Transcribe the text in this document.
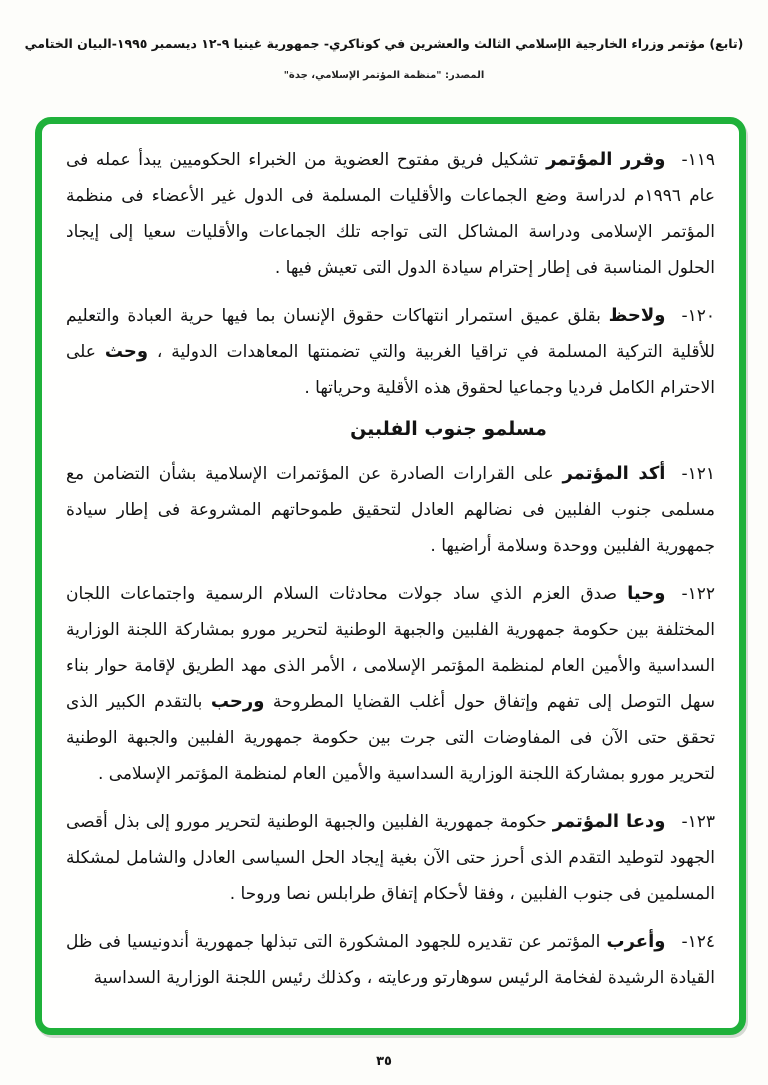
(تابع) مؤتمر وزراء الخارجية الإسلامي الثالث والعشرين في كوناكري- جمهورية غينيا ٩-١٢ ديسمبر ١٩٩٥-البيان الختامي
المصدر: "منظمة المؤتمر الإسلامي، جدة"

١١٩-وقرر المؤتمر تشكيل فريق مفتوح العضوية من الخبراء الحكوميين يبدأ عمله فى عام ١٩٩٦م لدراسة وضع الجماعات والأقليات المسلمة فى الدول غير الأعضاء فى منظمة المؤتمر الإسلامى ودراسة المشاكل التى تواجه تلك الجماعات والأقليات سعيا إلى إيجاد الحلول المناسبة فى إطار إحترام سيادة الدول التى تعيش فيها .

١٢٠-ولاحظ بقلق عميق استمرار انتهاكات حقوق الإنسان بما فيها حرية العبادة والتعليم للأقلية التركية المسلمة في تراقيا الغربية والتي تضمنتها المعاهدات الدولية ، وحث على الاحترام الكامل فرديا وجماعيا لحقوق هذه الأقلية وحرياتها .

مسلمو جنوب الفلبين

١٢١-أكد المؤتمر على القرارات الصادرة عن المؤتمرات الإسلامية بشأن التضامن مع مسلمى جنوب الفلبين فى نضالهم العادل لتحقيق طموحاتهم المشروعة فى إطار سيادة جمهورية الفلبين ووحدة وسلامة أراضيها .

١٢٢-وحيا صدق العزم الذي ساد جولات محادثات السلام الرسمية واجتماعات اللجان المختلفة بين حكومة جمهورية الفلبين والجبهة الوطنية لتحرير مورو بمشاركة اللجنة الوزارية السداسية والأمين العام لمنظمة المؤتمر الإسلامى ، الأمر الذى مهد الطريق لإقامة حوار بناء سهل التوصل إلى تفهم وإتفاق حول أغلب القضايا المطروحة ورحب بالتقدم الكبير الذى تحقق حتى الآن فى المفاوضات التى جرت بين حكومة جمهورية الفلبين والجبهة الوطنية لتحرير مورو بمشاركة اللجنة الوزارية السداسية والأمين العام لمنظمة المؤتمر الإسلامى .

١٢٣-ودعا المؤتمر حكومة جمهورية الفلبين والجبهة الوطنية لتحرير مورو إلى بذل أقصى الجهود لتوطيد التقدم الذى أحرز حتى الآن بغية إيجاد الحل السياسى العادل والشامل لمشكلة المسلمين فى جنوب الفلبين ، وفقا لأحكام إتفاق طرابلس نصا وروحا .

١٢٤-وأعرب المؤتمر عن تقديره للجهود المشكورة التى تبذلها جمهورية أندونيسيا فى ظل القيادة الرشيدة لفخامة الرئيس سوهارتو ورعايته ، وكذلك رئيس اللجنة الوزارية السداسية

٣٥
